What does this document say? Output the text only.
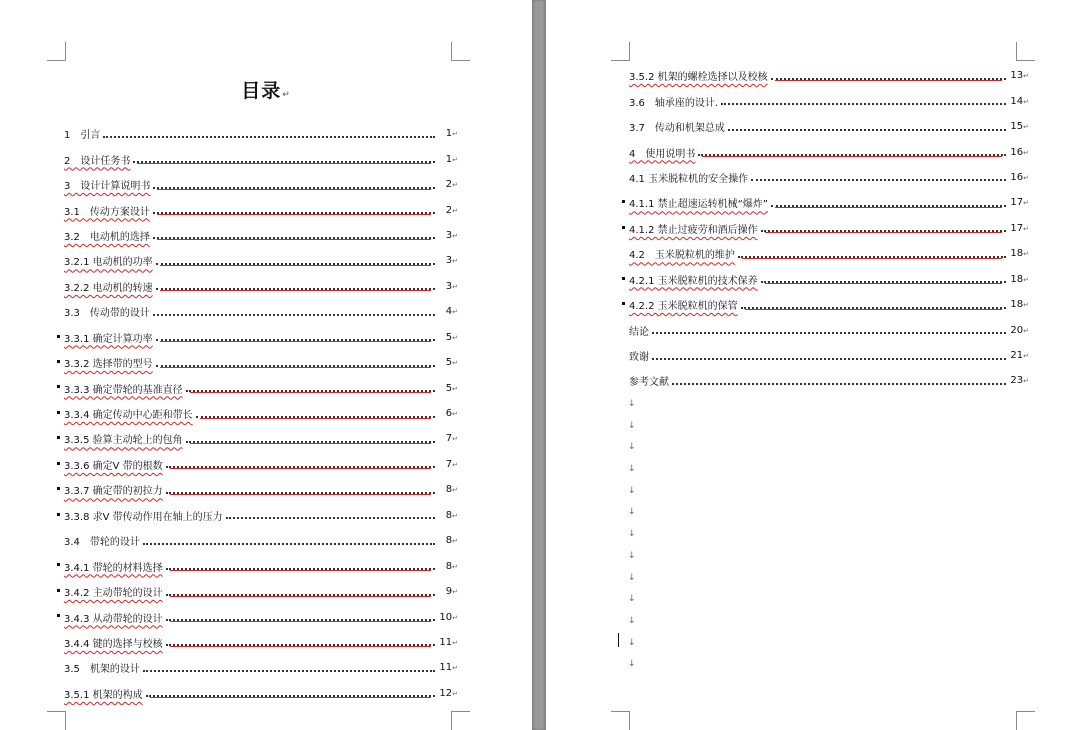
目录↵
1　引言	1↵
2　设计任务书	1↵
3　设计计算说明书	2↵
3.1　传动方案设计	2↵
3.2　电动机的选择	3↵
3.2.1 电动机的功率	3↵
3.2.2 电动机的转速	3↵
3.3　传动带的设计	4↵
3.3.1 确定计算功率	5↵
3.3.2 选择带的型号	5↵
3.3.3 确定带轮的基准直径	5↵
3.3.4 确定传动中心距和带长	6↵
3.3.5 验算主动轮上的包角	7↵
3.3.6 确定V 带的根数	7↵
3.3.7 确定带的初拉力	8↵
3.3.8 求V 带传动作用在轴上的压力	8↵
3.4　带轮的设计	8↵
3.4.1 带轮的材料选择	8↵
3.4.2 主动带轮的设计	9↵
3.4.3 从动带轮的设计	10↵
3.4.4 键的选择与校核	11↵
3.5　机架的设计	11↵
3.5.1 机架的构成	12↵
3.5.2 机架的螺栓选择以及校核	13↵
3.6　轴承座的设计.	14↵
3.7　传动和机架总成	15↵
4　使用说明书	16↵
4.1 玉米脱粒机的安全操作	16↵
4.1.1 禁止超速运转机械“爆炸”	17↵
4.1.2 禁止过疲劳和酒后操作	17↵
4.2　玉米脱粒机的维护	18↵
4.2.1 玉米脱粒机的技术保养	18↵
4.2.2 玉米脱粒机的保管	18↵
结论	20↵
致谢	21↵
参考文献	23↵
↓
↓
↓
↓
↓
↓
↓
↓
↓
↓
↓
↓
↓
